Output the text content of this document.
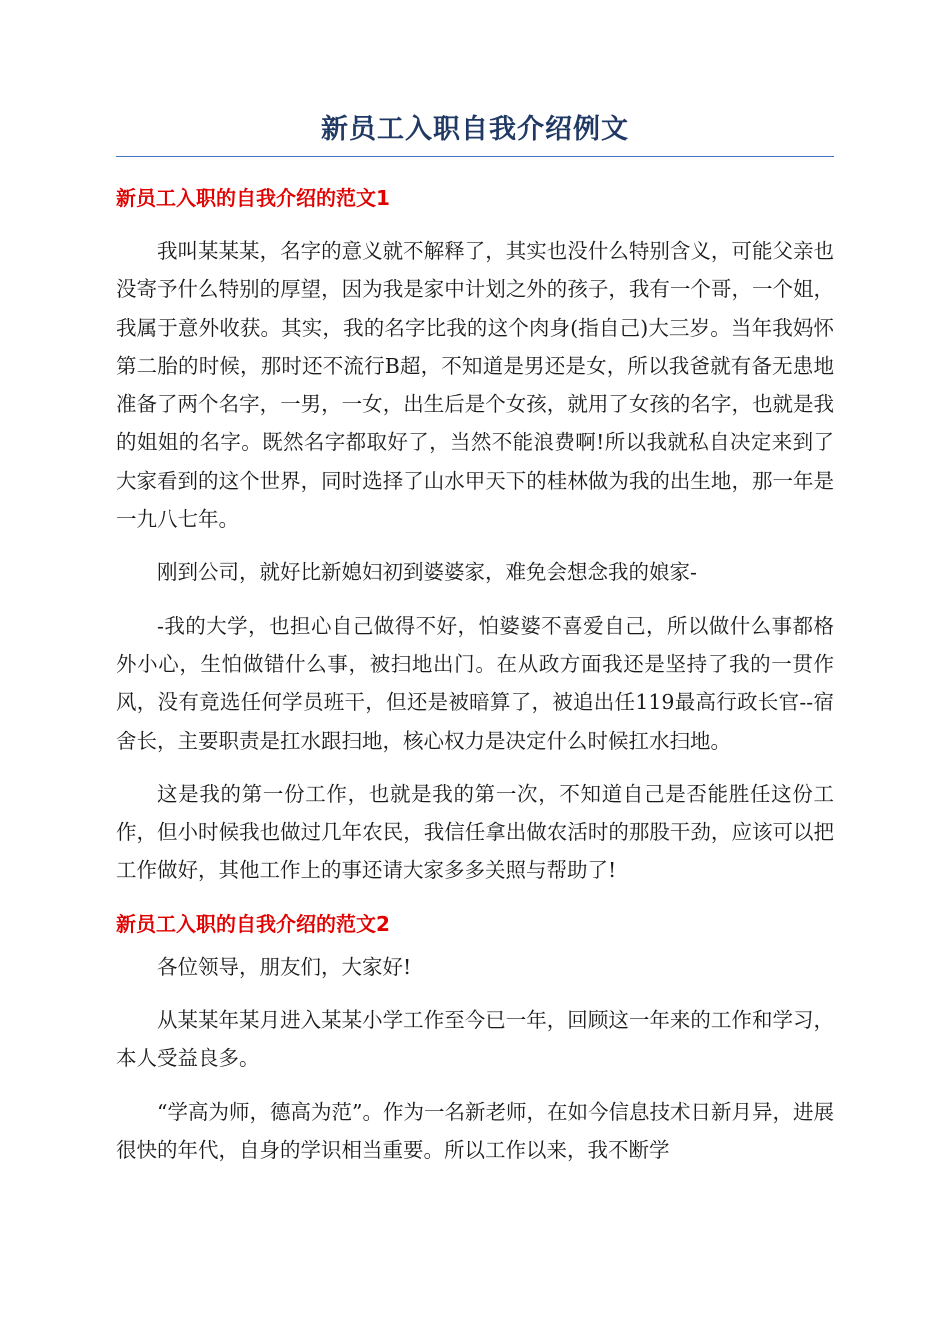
新员工入职自我介绍例文
新员工入职的自我介绍的范文1

我叫某某某，名字的意义就不解释了，其实也没什么特别含义，可能父亲也没寄予什么特别的厚望，因为我是家中计划之外的孩子，我有一个哥，一个姐，我属于意外收获。其实，我的名字比我的这个肉身(指自己)大三岁。当年我妈怀第二胎的时候，那时还不流行B超，不知道是男还是女，所以我爸就有备无患地准备了两个名字，一男，一女，出生后是个女孩，就用了女孩的名字，也就是我的姐姐的名字。既然名字都取好了，当然不能浪费啊!所以我就私自决定来到了大家看到的这个世界，同时选择了山水甲天下的桂林做为我的出生地，那一年是一九八七年。

刚到公司，就好比新媳妇初到婆婆家，难免会想念我的娘家-

-我的大学，也担心自己做得不好，怕婆婆不喜爱自己，所以做什么事都格外小心，生怕做错什么事，被扫地出门。在从政方面我还是坚持了我的一贯作风，没有竟选任何学员班干，但还是被暗算了，被追出任119最高行政长官--宿舍长，主要职责是扛水跟扫地，核心权力是决定什么时候扛水扫地。

这是我的第一份工作，也就是我的第一次，不知道自己是否能胜任这份工作，但小时候我也做过几年农民，我信任拿出做农活时的那股干劲，应该可以把工作做好，其他工作上的事还请大家多多关照与帮助了!

新员工入职的自我介绍的范文2

各位领导，朋友们，大家好!

从某某年某月进入某某小学工作至今已一年，回顾这一年来的工作和学习，本人受益良多。

“学高为师，德高为范”。作为一名新老师，在如今信息技术日新月异，进展很快的年代，自身的学识相当重要。所以工作以来，我不断学
